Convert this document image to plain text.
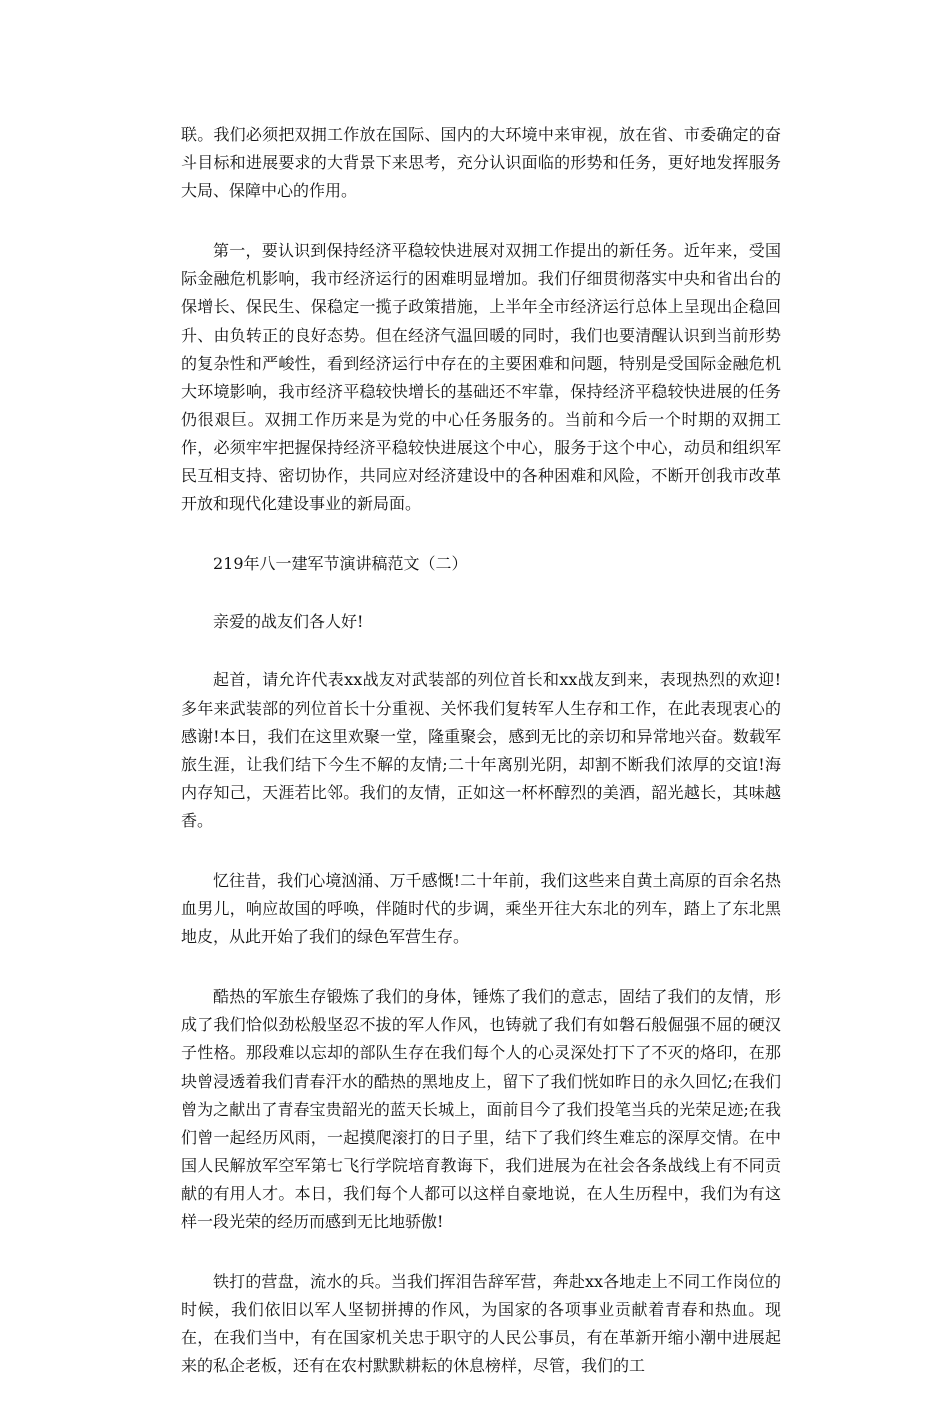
联。我们必须把双拥工作放在国际、国内的大环境中来审视，放在省、市委确定的奋斗目标和进展要求的大背景下来思考，充分认识面临的形势和任务，更好地发挥服务大局、保障中心的作用。

第一，要认识到保持经济平稳较快进展对双拥工作提出的新任务。近年来，受国际金融危机影响，我市经济运行的困难明显增加。我们仔细贯彻落实中央和省出台的保增长、保民生、保稳定一揽子政策措施，上半年全市经济运行总体上呈现出企稳回升、由负转正的良好态势。但在经济气温回暖的同时，我们也要清醒认识到当前形势的复杂性和严峻性，看到经济运行中存在的主要困难和问题，特别是受国际金融危机大环境影响，我市经济平稳较快增长的基础还不牢靠，保持经济平稳较快进展的任务仍很艰巨。双拥工作历来是为党的中心任务服务的。当前和今后一个时期的双拥工作，必须牢牢把握保持经济平稳较快进展这个中心，服务于这个中心，动员和组织军民互相支持、密切协作，共同应对经济建设中的各种困难和风险，不断开创我市改革开放和现代化建设事业的新局面。

219年八一建军节演讲稿范文（二）

亲爱的战友们各人好!

起首，请允许代表xx战友对武装部的列位首长和xx战友到来，表现热烈的欢迎!多年来武装部的列位首长十分重视、关怀我们复转军人生存和工作，在此表现衷心的感谢!本日，我们在这里欢聚一堂，隆重聚会，感到无比的亲切和异常地兴奋。数载军旅生涯，让我们结下今生不解的友情;二十年离别光阴，却割不断我们浓厚的交谊!海内存知己，天涯若比邻。我们的友情，正如这一杯杯醇烈的美酒，韶光越长，其味越香。

忆往昔，我们心境汹涌、万千感慨!二十年前，我们这些来自黄土高原的百余名热血男儿，响应故国的呼唤，伴随时代的步调，乘坐开往大东北的列车，踏上了东北黑地皮，从此开始了我们的绿色军营生存。

酷热的军旅生存锻炼了我们的身体，锤炼了我们的意志，固结了我们的友情，形成了我们恰似劲松般坚忍不拔的军人作风，也铸就了我们有如磐石般倔强不屈的硬汉子性格。那段难以忘却的部队生存在我们每个人的心灵深处打下了不灭的烙印，在那块曾浸透着我们青春汗水的酷热的黑地皮上，留下了我们恍如昨日的永久回忆;在我们曾为之献出了青春宝贵韶光的蓝天长城上，面前目今了我们投笔当兵的光荣足迹;在我们曾一起经历风雨，一起摸爬滚打的日子里，结下了我们终生难忘的深厚交情。在中国人民解放军空军第七飞行学院培育教诲下，我们进展为在社会各条战线上有不同贡献的有用人才。本日，我们每个人都可以这样自豪地说，在人生历程中，我们为有这样一段光荣的经历而感到无比地骄傲!

铁打的营盘，流水的兵。当我们挥泪告辞军营，奔赴xx各地走上不同工作岗位的时候，我们依旧以军人坚韧拼搏的作风，为国家的各项事业贡献着青春和热血。现在，在我们当中，有在国家机关忠于职守的人民公事员，有在革新开缩小潮中进展起来的私企老板，还有在农村默默耕耘的休息榜样，尽管，我们的工
